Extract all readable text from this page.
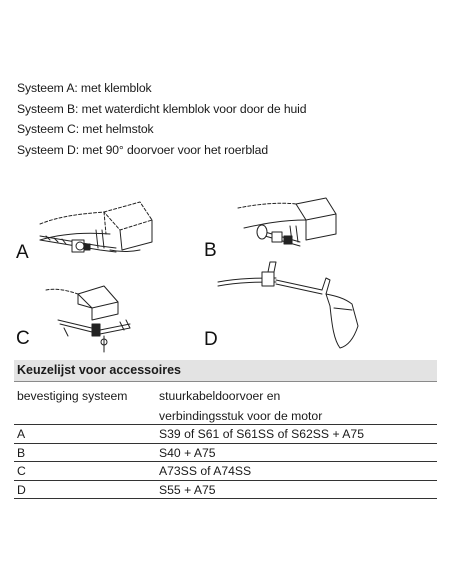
Systeem A: met klemblok
Systeem B: met waterdicht klemblok voor door de huid
Systeem C: met helmstok
Systeem D: met 90° doorvoer voor het roerblad
A	B
C	D
Keuzelijst voor accessoires
bevestiging systeem	stuurkabeldoorvoer en
verbindingsstuk voor de motor
A	S39 of S61 of S61SS of S62SS + A75
B	S40 + A75
C	A73SS of A74SS
D	S55 + A75
